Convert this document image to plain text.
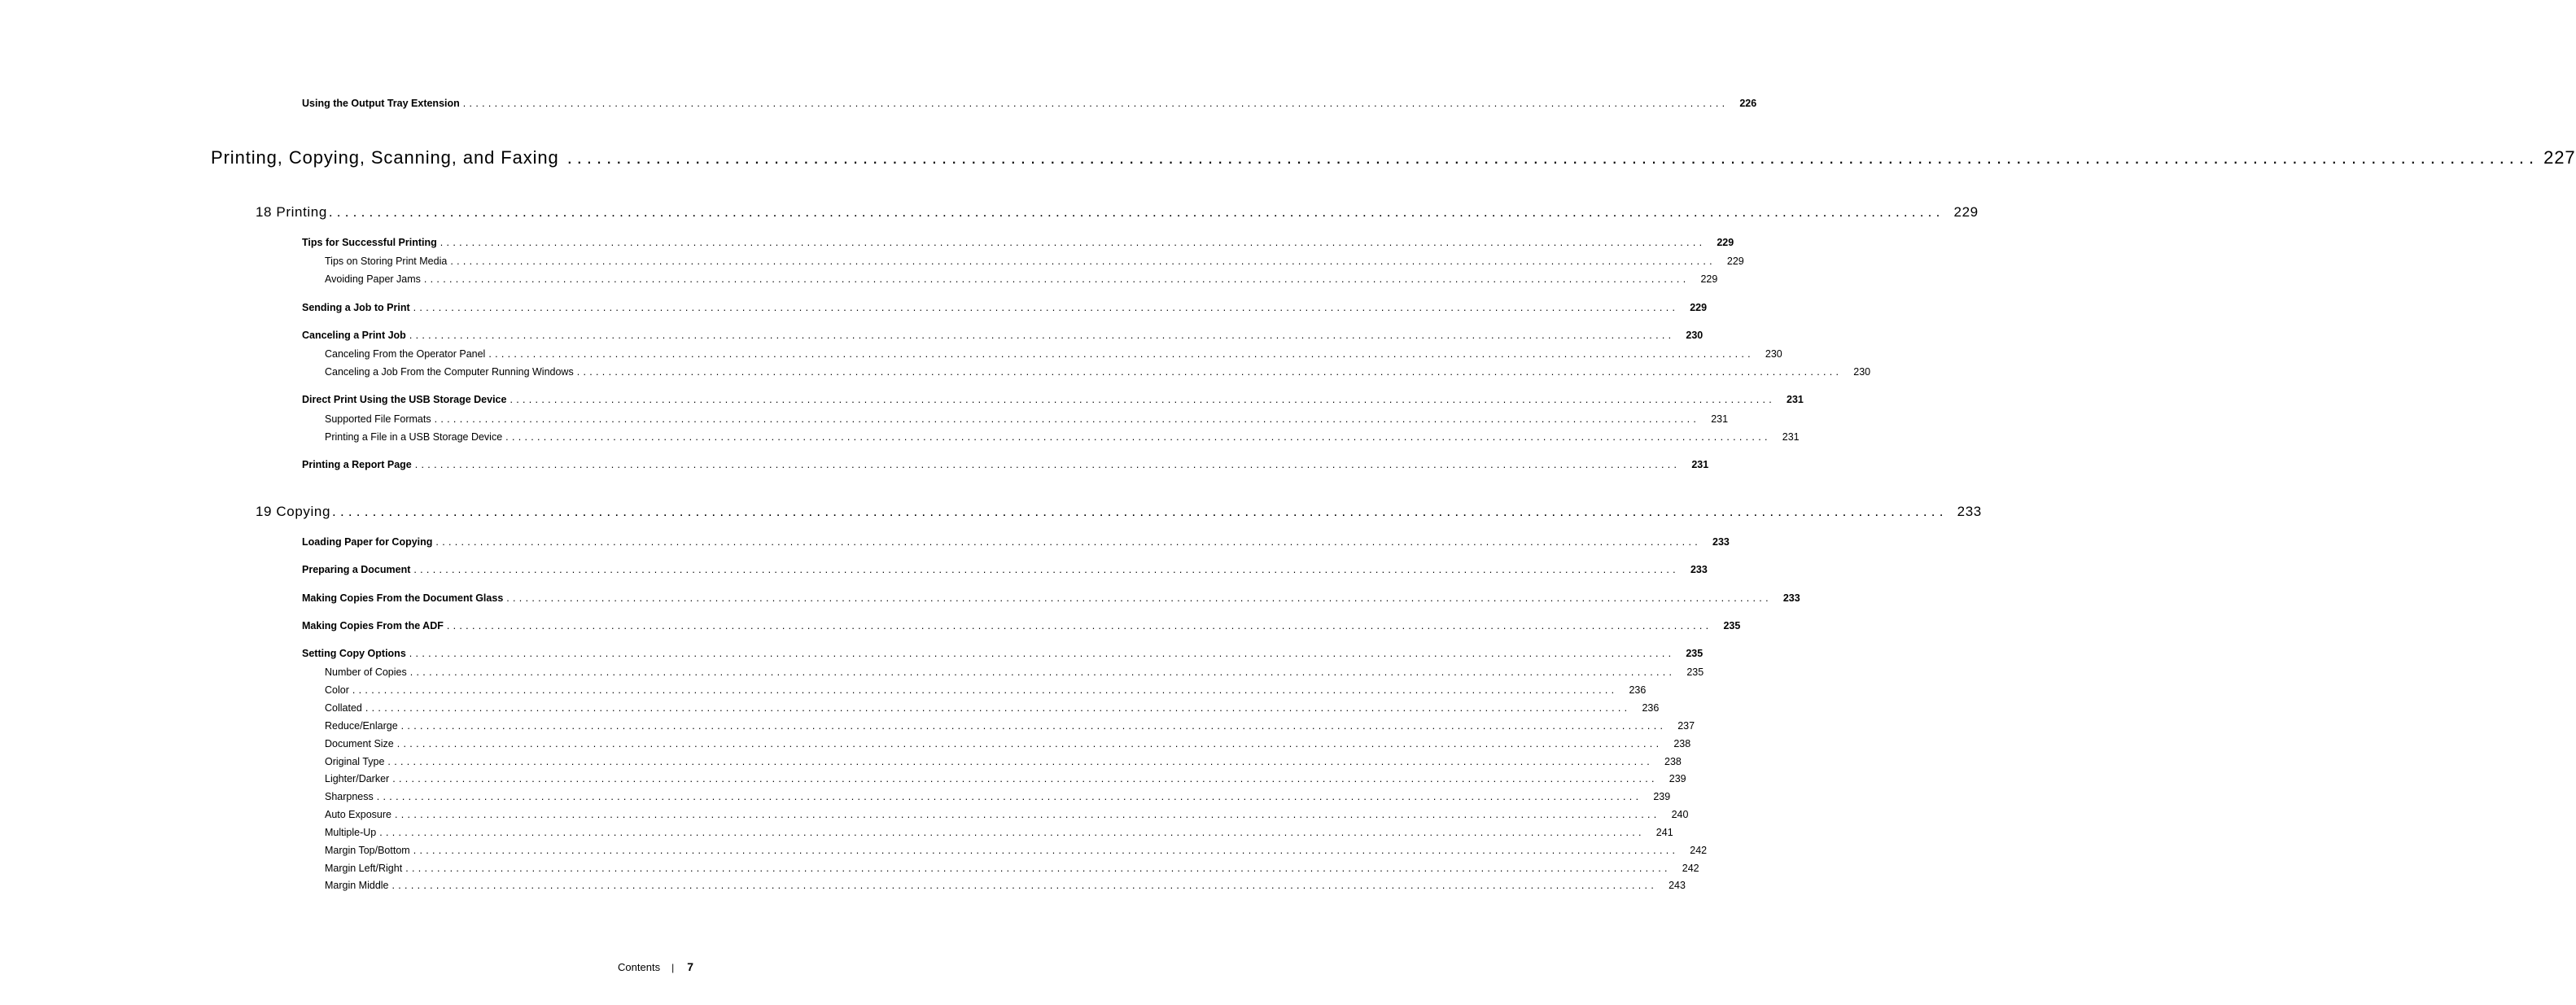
Using the Output Tray Extension ........................................................................................................................................................................................................ 226
Printing, Copying, Scanning, and Faxing ........................................................................................................................................................................................................ 227
18 Printing ........................................................................................................................................................................................................ 229
Tips for Successful Printing ........................................................................................................................................................................................................ 229
Tips on Storing Print Media ........................................................................................................................................................................................................ 229
Avoiding Paper Jams ........................................................................................................................................................................................................ 229
Sending a Job to Print ........................................................................................................................................................................................................ 229
Canceling a Print Job ........................................................................................................................................................................................................ 230
Canceling From the Operator Panel ........................................................................................................................................................................................................ 230
Canceling a Job From the Computer Running Windows ........................................................................................................................................................................................................ 230
Direct Print Using the USB Storage Device ........................................................................................................................................................................................................ 231
Supported File Formats ........................................................................................................................................................................................................ 231
Printing a File in a USB Storage Device ........................................................................................................................................................................................................ 231
Printing a Report Page ........................................................................................................................................................................................................ 231
19 Copying ........................................................................................................................................................................................................ 233
Loading Paper for Copying ........................................................................................................................................................................................................ 233
Preparing a Document ........................................................................................................................................................................................................ 233
Making Copies From the Document Glass ........................................................................................................................................................................................................ 233
Making Copies From the ADF ........................................................................................................................................................................................................ 235
Setting Copy Options ........................................................................................................................................................................................................ 235
Number of Copies ........................................................................................................................................................................................................ 235
Color ........................................................................................................................................................................................................ 236
Collated ........................................................................................................................................................................................................ 236
Reduce/Enlarge ........................................................................................................................................................................................................ 237
Document Size ........................................................................................................................................................................................................ 238
Original Type ........................................................................................................................................................................................................ 238
Lighter/Darker ........................................................................................................................................................................................................ 239
Sharpness ........................................................................................................................................................................................................ 239
Auto Exposure ........................................................................................................................................................................................................ 240
Multiple-Up ........................................................................................................................................................................................................ 241
Margin Top/Bottom ........................................................................................................................................................................................................ 242
Margin Left/Right ........................................................................................................................................................................................................ 242
Margin Middle ........................................................................................................................................................................................................ 243
Contents | 7
